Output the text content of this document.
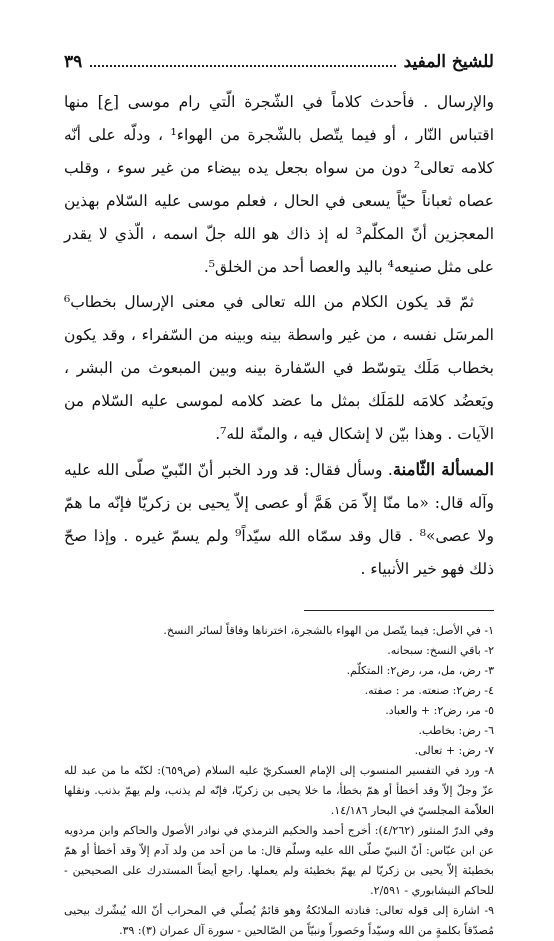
للشيخ المفيد
٣٩

والإرسال . فأحدث كلاماً في الشّجرة الّتي رام موسى [ع] منها اقتباس النّار ، أو فيما يتّصل بالشّجرة من الهواء¹ ، ودلّه على أنّه كلامه تعالى² دون من سواه بجعل يده بيضاء من غير سوء ، وقلب عصاه ثعباناً حيّاً يسعى في الحال ، فعلم موسى عليه السّلام بهذين المعجزين أنّ المكلّم³ له إذ ذاك هو الله جلّ اسمه ، الّذي لا يقدر على مثل صنيعه⁴ باليد والعصا أحد من الخلق⁵.

ثمّ قد يكون الكلام من الله تعالى في معنى الإرسال بخطاب⁶ المرسَل نفسه ، من غير واسطة بينه وبينه من السّفراء ، وقد يكون بخطاب مَلَك يتوسّط في السّفارة بينه وبين المبعوث من البشر ، ويَعضُد كلامَه للمَلَك بمثل ما عضد كلامه لموسى عليه السّلام من الآيات . وهذا بيّن لا إشكال فيه ، والمنّة لله⁷.

المسألة الثّامنة. وسأل فقال: قد ورد الخبر أنّ النّبيّ صلّى الله عليه وآله قال: «ما منّا إلاّ مَن هَمَّ أو عصى إلاّ يحيى بن زكريّا فإنّه ما همّ ولا عصى»⁸ . قال وقد سمّاه الله سيّداً⁹ ولم يسمّ غيره . وإذا صحّ ذلك فهو خير الأنبياء .

١- في الأصل: فيما يتّصل من الهواء بالشجرة، اخترناها وفاقاً لسائر النسخ.

٢- باقي النسخ: سبحانه.

٣- رض، مل، مر، رض٢: المتكلّم.

٤- رض٢: صنعته. مر : صفته.

٥- مر، رض٢: + والعباد.

٦- رض: بخاطب.

٧- رض: + تعالى.

٨- ورد في التفسير المنسوب إلى الإمام العسكريّ عليه السلام (ص٦٥٩): لكنّه ما من عبد لله عزّ وجلّ إلاّ وقد أخطأ أو همّ بخطأ، ما خلا يحيى بن زكريّا، فإنّه لم يذنب، ولم يهمّ بذنب. ونقلها العلاّمة المجلسيّ في البحار ١٤/١٨٦.

وفي الدرّ المنثور (٤/٢٦٢): أخرج أحمد والحكيم الترمذي في نوادر الأصول والحاكم وابن مردويه عن ابن عبّاس: أنّ النبيّ صلّى الله عليه وسلّم قال: ما من أحد من ولد آدم إلاّ وقد أخطأ أو همّ بخطيئة إلاّ يحيى بن زكريّا لم يهمّ بخطيئة ولم يعملها. راجع أيضاً المستدرك على الصحيحين - للحاكم النيشابوري - ٢/٥٩١.

٩- اشارة إلى قوله تعالى: فنادته الملائكةُ وهو قائمٌ يُصلّي في المحراب أنّ الله يُبشّرك بيحيى مُصدّقاً بكلمةٍ من الله وسيّداً وحَصوراً ونبيّاً من الصّالحين - سورة آل عمران (٣): ٣٩.
